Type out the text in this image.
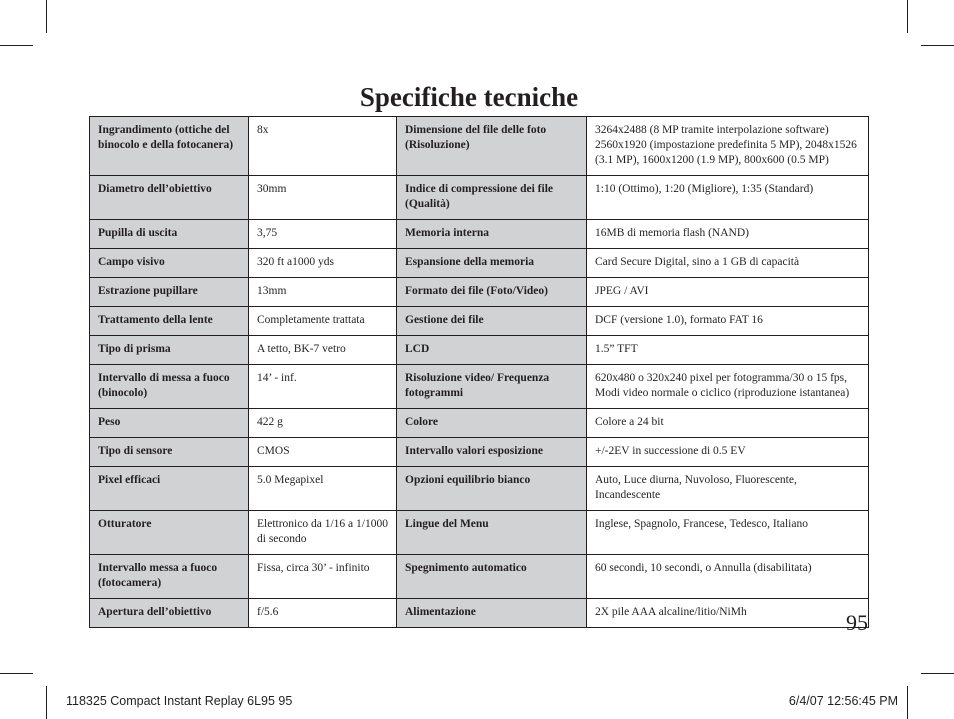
Specifiche tecniche
Ingrandimento (ottiche del binocolo e della fotocanera)	8x	Dimensione del file delle foto (Risoluzione)	3264x2488 (8 MP tramite interpolazione software) 2560x1920 (impostazione predefinita 5 MP), 2048x1526 (3.1 MP), 1600x1200 (1.9 MP), 800x600 (0.5 MP)
Diametro dell’obiettivo	30mm	Indice di compressione dei file (Qualità)	1:10 (Ottimo), 1:20 (Migliore), 1:35 (Standard)
Pupilla di uscita	3,75	Memoria interna	16MB di memoria flash (NAND)
Campo visivo	320 ft a1000 yds	Espansione della memoria	Card Secure Digital, sino a 1 GB di capacità
Estrazione pupillare	13mm	Formato dei file (Foto/Video)	JPEG / AVI
Trattamento della lente	Completamente trattata	Gestione dei file	DCF (versione 1.0), formato FAT 16
Tipo di prisma	A tetto, BK-7 vetro	LCD	1.5” TFT
Intervallo di messa a fuoco (binocolo)	14’ - inf.	Risoluzione video/ Frequenza fotogrammi	620x480 o 320x240 pixel per fotogramma/30 o 15 fps, Modi video normale o ciclico (riproduzione istantanea)
Peso	422 g	Colore	Colore a 24 bit
Tipo di sensore	CMOS	Intervallo valori esposizione	+/-2EV in successione di 0.5 EV
Pixel efficaci	5.0 Megapixel	Opzioni equilibrio bianco	Auto, Luce diurna, Nuvoloso, Fluorescente, Incandescente
Otturatore	Elettronico da 1/16 a 1/1000 di secondo	Lingue del Menu	Inglese, Spagnolo, Francese, Tedesco, Italiano
Intervallo messa a fuoco (fotocamera)	Fissa, circa 30’ - infinito	Spegnimento automatico	60 secondi, 10 secondi, o Annulla (disabilitata)
Apertura dell’obiettivo	f/5.6	Alimentazione	2X pile AAA alcaline/litio/NiMh	95
118325 Compact Instant Replay 6L95 95	6/4/07 12:56:45 PM
